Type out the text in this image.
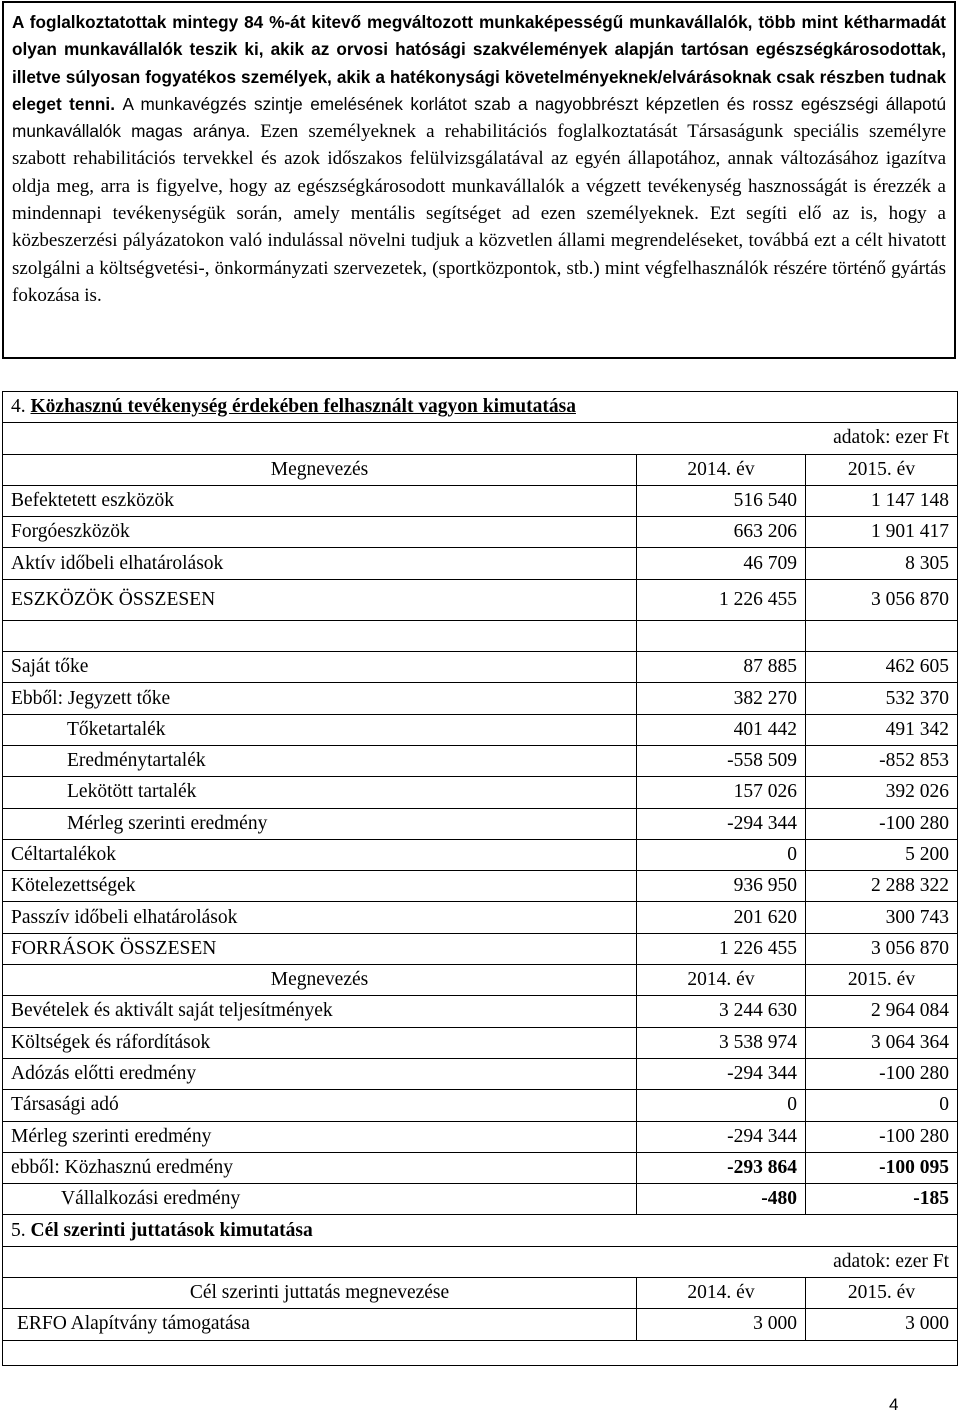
A foglalkoztatottak mintegy 84 %-át kitevő megváltozott munkaképességű munkavállalók, több mint kétharmadát olyan munkavállalók teszik ki, akik az orvosi hatósági szakvélemények alapján tartósan egészségkárosodottak, illetve súlyosan fogyatékos személyek, akik a hatékonysági követelményeknek/elvárásoknak csak részben tudnak eleget tenni. A munkavégzés szintje emelésének korlátot szab a nagyobbrészt képzetlen és rossz egészségi állapotú munkavállalók magas aránya. Ezen személyeknek a rehabilitációs foglalkoztatását Társaságunk speciális személyre szabott rehabilitációs tervekkel és azok időszakos felülvizsgálatával az egyén állapotához, annak változásához igazítva oldja meg, arra is figyelve, hogy az egészségkárosodott munkavállalók a végzett tevékenység hasznosságát is érezzék a mindennapi tevékenységük során, amely mentális segítséget ad ezen személyeknek. Ezt segíti elő az is, hogy a közbeszerzési pályázatokon való indulással növelni tudjuk a közvetlen állami megrendeléseket, továbbá ezt a célt hivatott szolgálni a költségvetési-, önkormányzati szervezetek, (sportközpontok, stb.) mint végfelhasználók részére történő gyártás fokozása is.

4. Közhasznú tevékenység érdekében felhasznált vagyon kimutatása		
adatok: ezer Ft		
Megnevezés	2014. év	2015. év
Befektetett eszközök	516 540	1 147 148
Forgóeszközök	663 206	1 901 417
Aktív időbeli elhatárolások	46 709	8 305
ESZKÖZÖK ÖSSZESEN	1 226 455	3 056 870

Saját tőke	87 885	462 605
Ebből: Jegyzett tőke	382 270	532 370
Tőketartalék	401 442	491 342
Eredménytartalék	-558 509	-852 853
Lekötött tartalék	157 026	392 026
Mérleg szerinti eredmény	-294 344	-100 280
Céltartalékok	0	5 200
Kötelezettségek	936 950	2 288 322
Passzív időbeli elhatárolások	201 620	300 743
FORRÁSOK ÖSSZESEN	1 226 455	3 056 870
Megnevezés	2014. év	2015. év
Bevételek és aktivált saját teljesítmények	3 244 630	2 964 084
Költségek és ráfordítások	3 538 974	3 064 364
Adózás előtti eredmény	-294 344	-100 280
Társasági adó	0	0
Mérleg szerinti eredmény	-294 344	-100 280
ebből: Közhasznú eredmény	-293 864	-100 095
Vállalkozási eredmény	-480	-185
5. Cél szerinti juttatások kimutatása		
adatok: ezer Ft		
Cél szerinti juttatás megnevezése	2014. év	2015. év
ERFO Alapítvány támogatása	3 000	3 000

4
